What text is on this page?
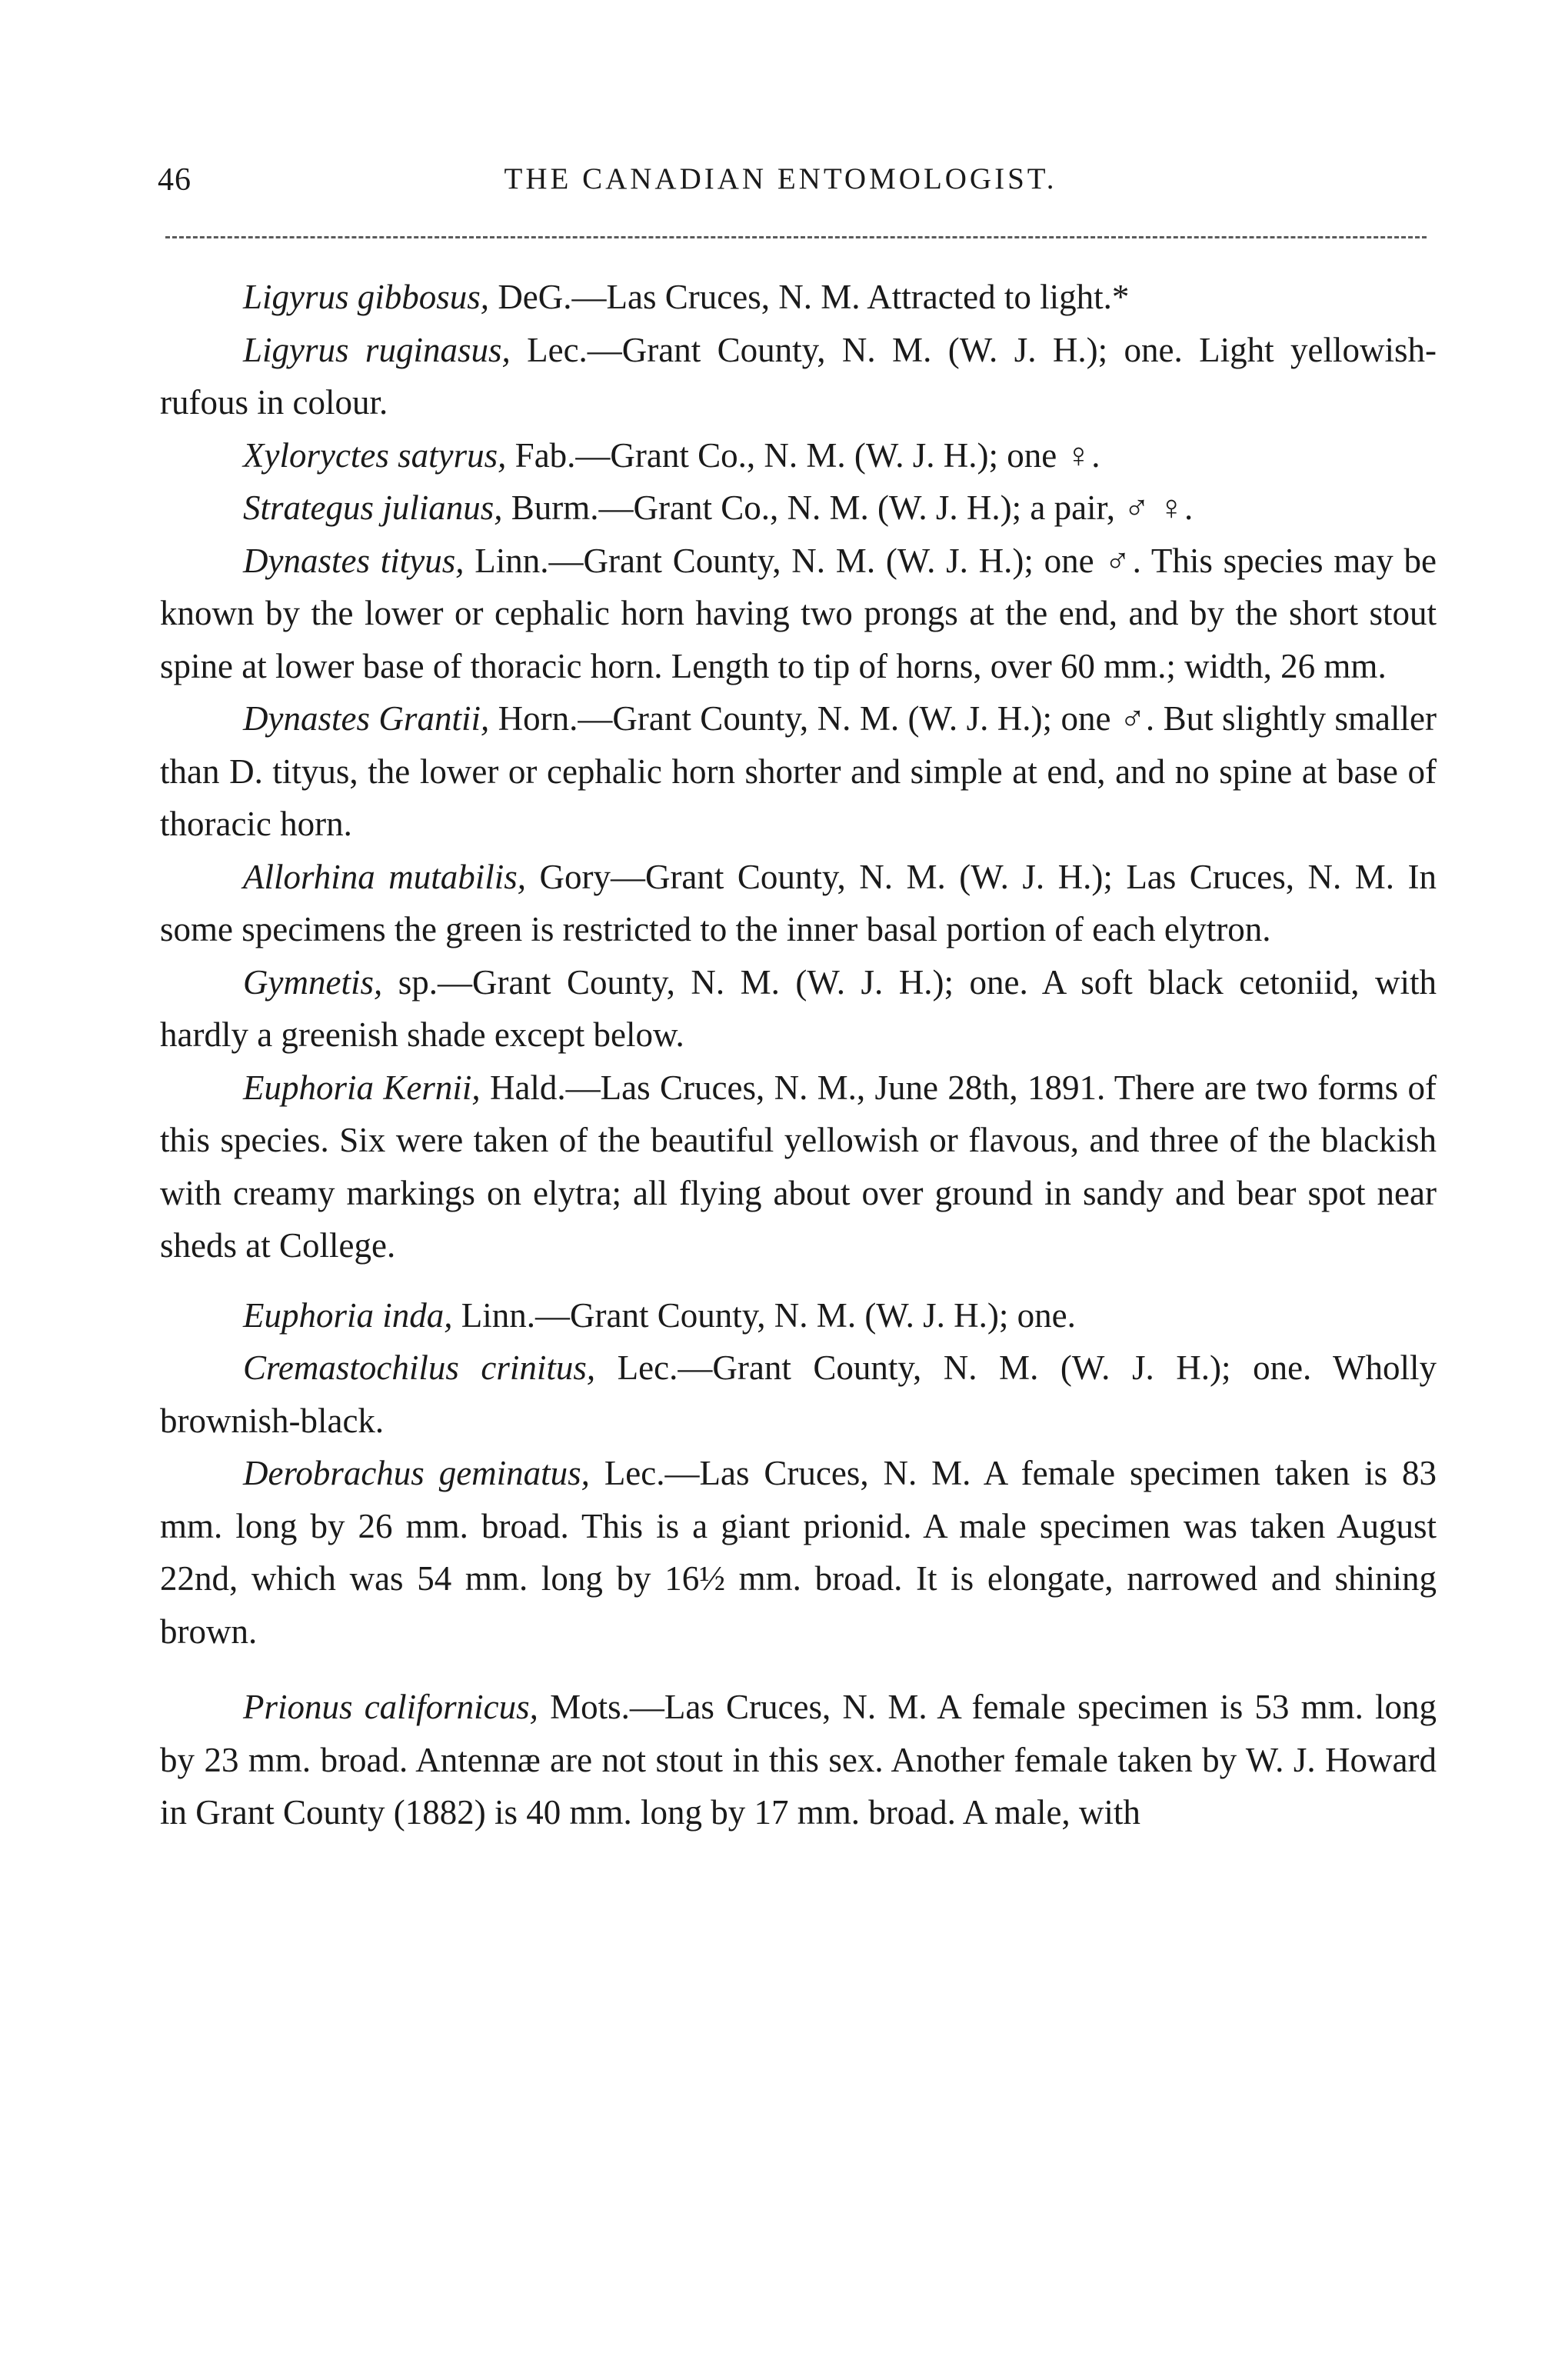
46	THE CANADIAN ENTOMOLOGIST.

Ligyrus gibbosus, DeG.—Las Cruces, N. M. Attracted to light.*

Ligyrus ruginasus, Lec.—Grant County, N. M. (W. J. H.); one. Light yellowish-rufous in colour.

Xyloryctes satyrus, Fab.—Grant Co., N. M. (W. J. H.); one ♀.

Strategus julianus, Burm.—Grant Co., N. M. (W. J. H.); a pair, ♂ ♀.

Dynastes tityus, Linn.—Grant County, N. M. (W. J. H.); one ♂. This species may be known by the lower or cephalic horn having two prongs at the end, and by the short stout spine at lower base of thoracic horn. Length to tip of horns, over 60 mm.; width, 26 mm.

Dynastes Grantii, Horn.—Grant County, N. M. (W. J. H.); one ♂. But slightly smaller than D. tityus, the lower or cephalic horn shorter and simple at end, and no spine at base of thoracic horn.

Allorhina mutabilis, Gory—Grant County, N. M. (W. J. H.); Las Cruces, N. M. In some specimens the green is restricted to the inner basal portion of each elytron.

Gymnetis, sp.—Grant County, N. M. (W. J. H.); one. A soft black cetoniid, with hardly a greenish shade except below.

Euphoria Kernii, Hald.—Las Cruces, N. M., June 28th, 1891. There are two forms of this species. Six were taken of the beautiful yellowish or flavous, and three of the blackish with creamy markings on elytra; all flying about over ground in sandy and bear spot near sheds at College.

Euphoria inda, Linn.—Grant County, N. M. (W. J. H.); one.

Cremastochilus crinitus, Lec.—Grant County, N. M. (W. J. H.); one. Wholly brownish-black.

Derobrachus geminatus, Lec.—Las Cruces, N. M. A female specimen taken is 83 mm. long by 26 mm. broad. This is a giant prionid. A male specimen was taken August 22nd, which was 54 mm. long by 16½ mm. broad. It is elongate, narrowed and shining brown.

Prionus californicus, Mots.—Las Cruces, N. M. A female specimen is 53 mm. long by 23 mm. broad. Antennæ are not stout in this sex. Another female taken by W. J. Howard in Grant County (1882) is 40 mm. long by 17 mm. broad. A male, with
